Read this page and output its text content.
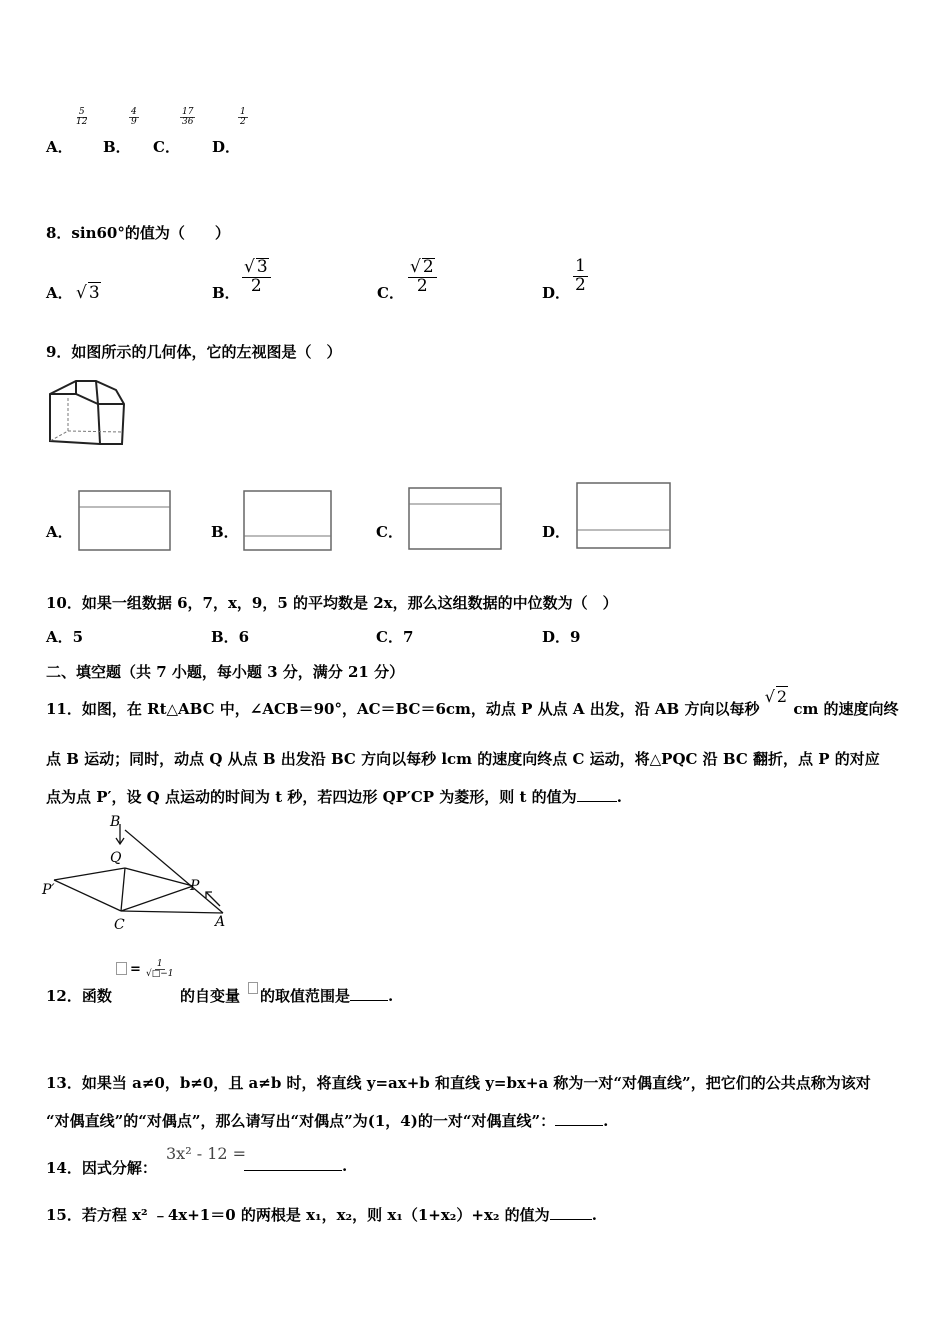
A．
$\frac{5}{12}$
B．
$\frac{4}{9}$
C．
$\frac{17}{36}$
D．
$\frac{1}{2}$
8．sin60°的值为（　　）
A． √ 3	B． $\frac{√ 3}{2}$	C． $\frac{√ 2}{2}$	D． $\frac{1}{2}$
9．如图所示的几何体，它的左视图是（　）
A．	B．	C．	D．
10．如果一组数据 6，7，x，9，5 的平均数是 2x，那么这组数据的中位数为（　）
A．5	B．6	C．7	D．9
二、填空题（共 7 小题，每小题 3 分，满分 21 分）
11．如图，在 Rt△ABC 中，∠ACB＝90°，AC＝BC＝6cm，动点 P 从点 A 出发，沿 AB 方向以每秒 √ 2 cm 的速度向终
点 B 运动；同时，动点 Q 从点 B 出发沿 BC 方向以每秒 lcm 的速度向终点 C 运动，将△PQC 沿 BC 翻折，点 P 的对应
点为点 P′，设 Q 点运动的时间为 t 秒，若四边形 QP′CP 为菱形，则 t 的值为	.
B
Q
P′	P
C	A
12．函数
= $\frac{1}{√□-1}$
的自变量 的取值范围是	.
13．如果当 a≠0，b≠0，且 a≠b 时，将直线 y=ax+b 和直线 y=bx+a 称为一对“对偶直线”，把它们的公共点称为该对
“对偶直线”的“对偶点”，那么请写出“对偶点”为(1，4)的一对“对偶直线”：	.
14．因式分解：
3x² - 12 =
.
15．若方程 x² ﹣4x+1＝0 的两根是 x₁，x₂，则 x₁（1+x₂）+x₂ 的值为	.
